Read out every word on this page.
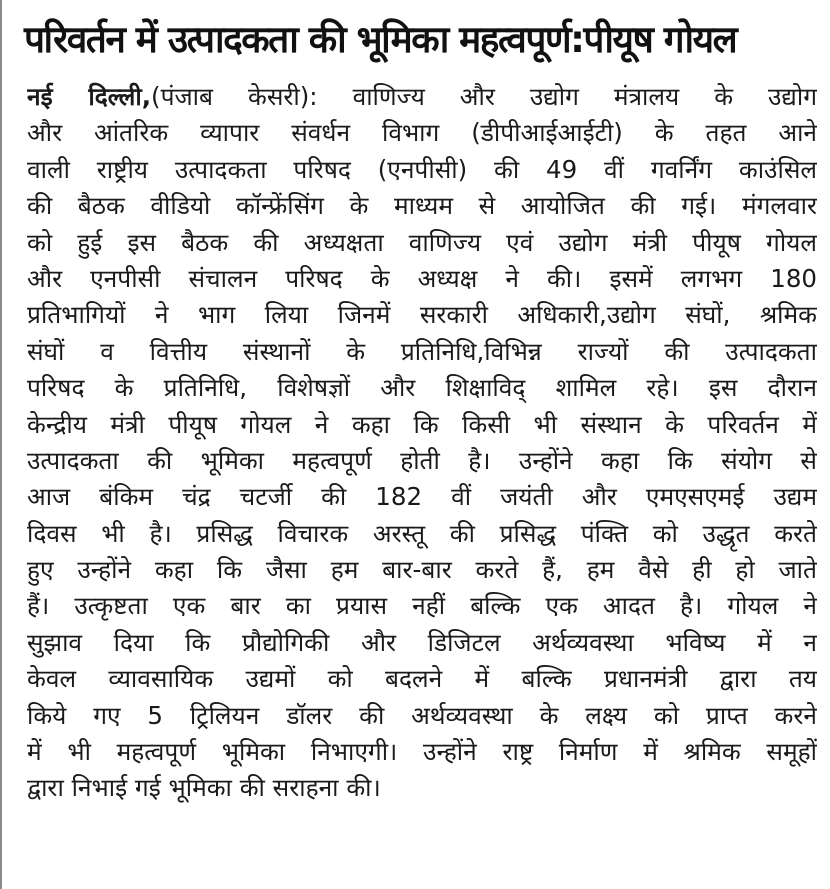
परिवर्तन में उत्पादकता की भूमिका महत्वपूर्ण:पीयूष गोयल
नई दिल्ली,(पंजाब केसरी): वाणिज्य और उद्योग मंत्रालय के उद्योग
और आंतरिक व्यापार संवर्धन विभाग (डीपीआईआईटी) के तहत आने
वाली राष्ट्रीय उत्पादकता परिषद (एनपीसी) की 49 वीं गवर्निंग काउंसिल
की बैठक वीडियो कॉन्फ्रेंसिंग के माध्यम से आयोजित की गई। मंगलवार
को हुई इस बैठक की अध्यक्षता वाणिज्य एवं उद्योग मंत्री पीयूष गोयल
और एनपीसी संचालन परिषद के अध्यक्ष ने की। इसमें लगभग 180
प्रतिभागियों ने भाग लिया जिनमें सरकारी अधिकारी,उद्योग संघों, श्रमिक
संघों व वित्तीय संस्थानों के प्रतिनिधि,विभिन्न राज्यों की उत्पादकता
परिषद के प्रतिनिधि, विशेषज्ञों और शिक्षाविद् शामिल रहे। इस दौरान
केन्द्रीय मंत्री पीयूष गोयल ने कहा कि किसी भी संस्थान के परिवर्तन में
उत्पादकता की भूमिका महत्वपूर्ण होती है। उन्होंने कहा कि संयोग से
आज बंकिम चंद्र चटर्जी की 182 वीं जयंती और एमएसएमई उद्यम
दिवस भी है। प्रसिद्ध विचारक अरस्तू की प्रसिद्ध पंक्ति को उद्धृत करते
हुए उन्होंने कहा कि जैसा हम बार-बार करते हैं, हम वैसे ही हो जाते
हैं। उत्कृष्टता एक बार का प्रयास नहीं बल्कि एक आदत है। गोयल ने
सुझाव दिया कि प्रौद्योगिकी और डिजिटल अर्थव्यवस्था भविष्य में न
केवल व्यावसायिक उद्यमों को बदलने में बल्कि प्रधानमंत्री द्वारा तय
किये गए 5 ट्रिलियन डॉलर की अर्थव्यवस्था के लक्ष्य को प्राप्त करने
में भी महत्वपूर्ण भूमिका निभाएगी। उन्होंने राष्ट्र निर्माण में श्रमिक समूहों
द्वारा निभाई गई भूमिका की सराहना की।
